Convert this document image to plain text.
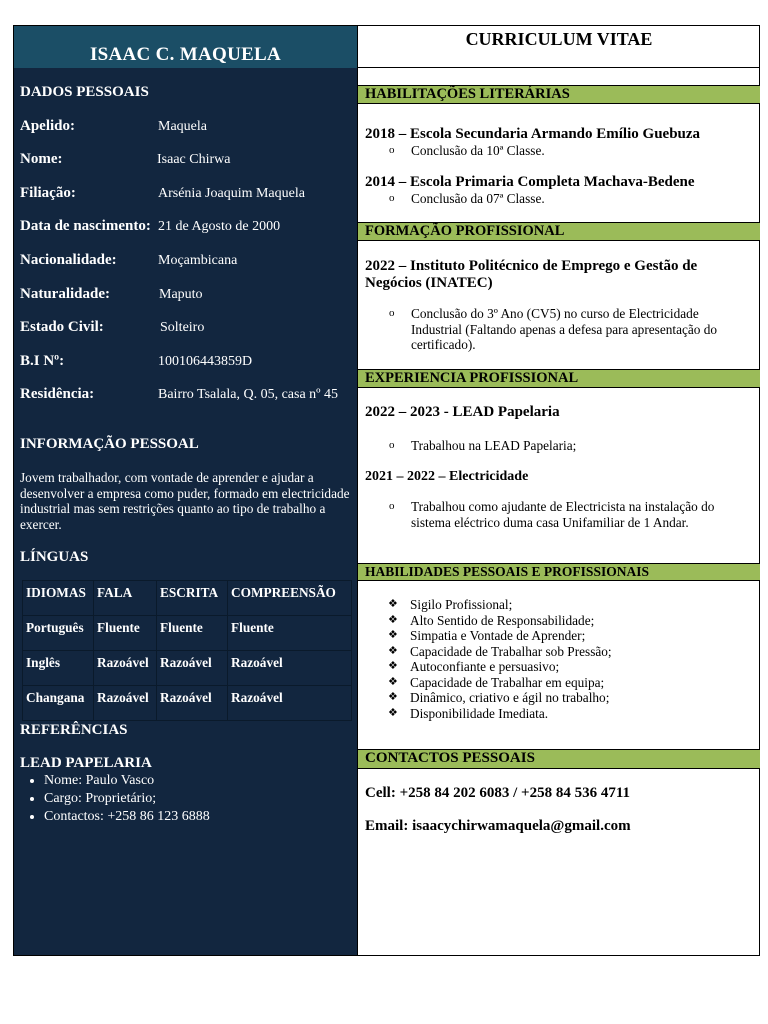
ISAAC C. MAQUELA
DADOS PESSOAIS
Apelido:	Maquela
Nome:	Isaac Chirwa
Filiação:	Arsénia Joaquim Maquela
Data de nascimento: 21 de Agosto de 2000
Nacionalidade:	Moçambicana
Naturalidade:	Maputo
Estado Civil:	Solteiro
B.I Nº:	100106443859D
Residência:	Bairro Tsalala, Q. 05, casa nº 45
INFORMAÇÃO PESSOAL
Jovem trabalhador, com vontade de aprender e ajudar a desenvolver a empresa como puder, formado em electricidade industrial mas sem restrições quanto ao tipo de trabalho a exercer.
LÍNGUAS
IDIOMAS	FALA	ESCRITA	COMPREENSÃO
Português	Fluente	Fluente	Fluente
Inglês	Razoável	Razoável	Razoável
Changana	Razoável	Razoável	Razoável
REFERÊNCIAS
LEAD PAPELARIA
• Nome: Paulo Vasco
• Cargo: Proprietário;
• Contactos: +258 86 123 6888
CURRICULUM VITAE
HABILITAÇÕES LITERÁRIAS
2018 – Escola Secundaria Armando Emílio Guebuza
o Conclusão da 10ª Classe.
2014 – Escola Primaria Completa Machava-Bedene
o Conclusão da 07ª Classe.
FORMAÇÃO PROFISSIONAL
2022 – Instituto Politécnico de Emprego e Gestão de
Negócios (INATEC)
o Conclusão do 3º Ano (CV5) no curso de Electricidade Industrial (Faltando apenas a defesa para apresentação do certificado).
EXPERIENCIA PROFISSIONAL
2022 – 2023 - LEAD Papelaria
o Trabalhou na LEAD Papelaria;
2021 – 2022 – Electricidade
o Trabalhou como ajudante de Electricista na instalação do sistema eléctrico duma casa Unifamiliar de 1 Andar.
HABILIDADES PESSOAIS E PROFISSIONAIS
❖ Sigilo Profissional;
❖ Alto Sentido de Responsabilidade;
❖ Simpatia e Vontade de Aprender;
❖ Capacidade de Trabalhar sob Pressão;
❖ Autoconfiante e persuasivo;
❖ Capacidade de Trabalhar em equipa;
❖ Dinâmico, criativo e ágil no trabalho;
❖ Disponibilidade Imediata.
CONTACTOS PESSOAIS
Cell: +258 84 202 6083 / +258 84 536 4711
Email: isaacychirwamaquela@gmail.com
